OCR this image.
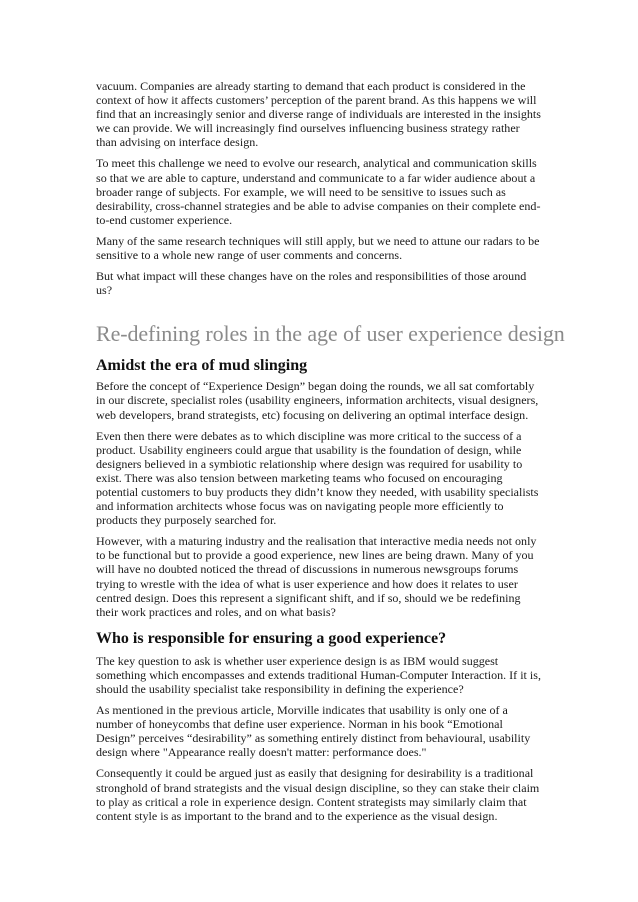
vacuum. Companies are already starting to demand that each product is considered in the context of how it affects customers’ perception of the parent brand. As this happens we will find that an increasingly senior and diverse range of individuals are interested in the insights we can provide. We will increasingly find ourselves influencing business strategy rather than advising on interface design.

To meet this challenge we need to evolve our research, analytical and communication skills so that we are able to capture, understand and communicate to a far wider audience about a broader range of subjects. For example, we will need to be sensitive to issues such as desirability, cross-channel strategies and be able to advise companies on their complete end-to-end customer experience.

Many of the same research techniques will still apply, but we need to attune our radars to be sensitive to a whole new range of user comments and concerns.

But what impact will these changes have on the roles and responsibilities of those around us?

Re-defining roles in the age of user experience design
Amidst the era of mud slinging

Before the concept of “Experience Design” began doing the rounds, we all sat comfortably in our discrete, specialist roles (usability engineers, information architects, visual designers, web developers, brand strategists, etc) focusing on delivering an optimal interface design.

Even then there were debates as to which discipline was more critical to the success of a product. Usability engineers could argue that usability is the foundation of design, while designers believed in a symbiotic relationship where design was required for usability to exist. There was also tension between marketing teams who focused on encouraging potential customers to buy products they didn’t know they needed, with usability specialists and information architects whose focus was on navigating people more efficiently to products they purposely searched for.

However, with a maturing industry and the realisation that interactive media needs not only to be functional but to provide a good experience, new lines are being drawn. Many of you will have no doubted noticed the thread of discussions in numerous newsgroups forums trying to wrestle with the idea of what is user experience and how does it relates to user centred design. Does this represent a significant shift, and if so, should we be redefining their work practices and roles, and on what basis?

Who is responsible for ensuring a good experience?

The key question to ask is whether user experience design is as IBM would suggest something which encompasses and extends traditional Human-Computer Interaction. If it is, should the usability specialist take responsibility in defining the experience?

As mentioned in the previous article, Morville indicates that usability is only one of a number of honeycombs that define user experience. Norman in his book “Emotional Design” perceives “desirability” as something entirely distinct from behavioural, usability design where "Appearance really doesn't matter: performance does."

Consequently it could be argued just as easily that designing for desirability is a traditional stronghold of brand strategists and the visual design discipline, so they can stake their claim to play as critical a role in experience design. Content strategists may similarly claim that content style is as important to the brand and to the experience as the visual design.
